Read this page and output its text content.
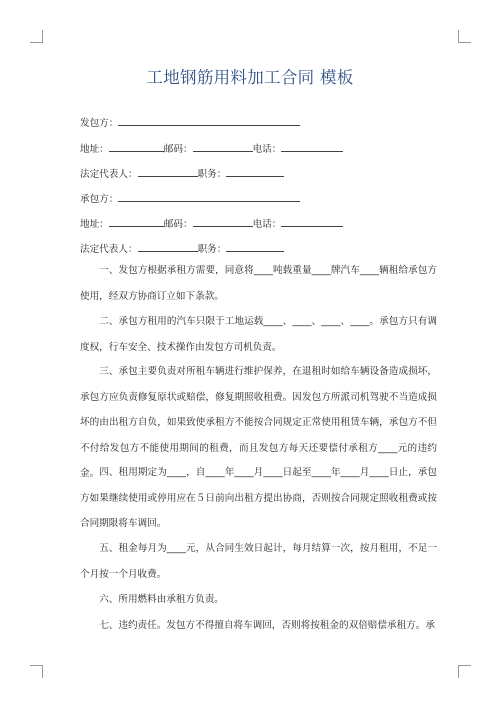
工地钢筋用料加工合同 模板
发包方：
地址：	邮码：	电话：
法定代表人：	职务：
承包方：
地址：	邮码：	电话：
法定代表人：	职务：
一、发包方根据承租方需要，同意将____吨载重量____牌汽车____辆租给承包方使用，经双方协商订立如下条款。
二、承包方租用的汽车只限于工地运载____、____、____、____。承包方只有调度权，行车安全、技术操作由发包方司机负责。
三、承包主要负责对所租车辆进行维护保养，在退租时如给车辆设备造成损坏，承包方应负责修复原状或赔偿，修复期照收租费。因发包方所派司机驾驶不当造成损坏的由出租方自负，如果致使承租方不能按合同规定正常使用租赁车辆，承包方不但不付给发包方不能使用期间的租费，而且发包方每天还要偿付承租方____元的违约金。 四、租用期定为____，自____年____月____日起至____年____月____日止，承包方如果继续使用或停用应在５日前向出租方提出协商，否则按合同规定照收租费或按合同期限将车调回。
五、租金每月为____元，从合同生效日起计，每月结算一次，按月租用，不足一个月按一个月收费。
六、所用燃料由承租方负责。
七、违约责任。发包方不得擅自将车调回，否则将按租金的双倍赔偿承租方。承
